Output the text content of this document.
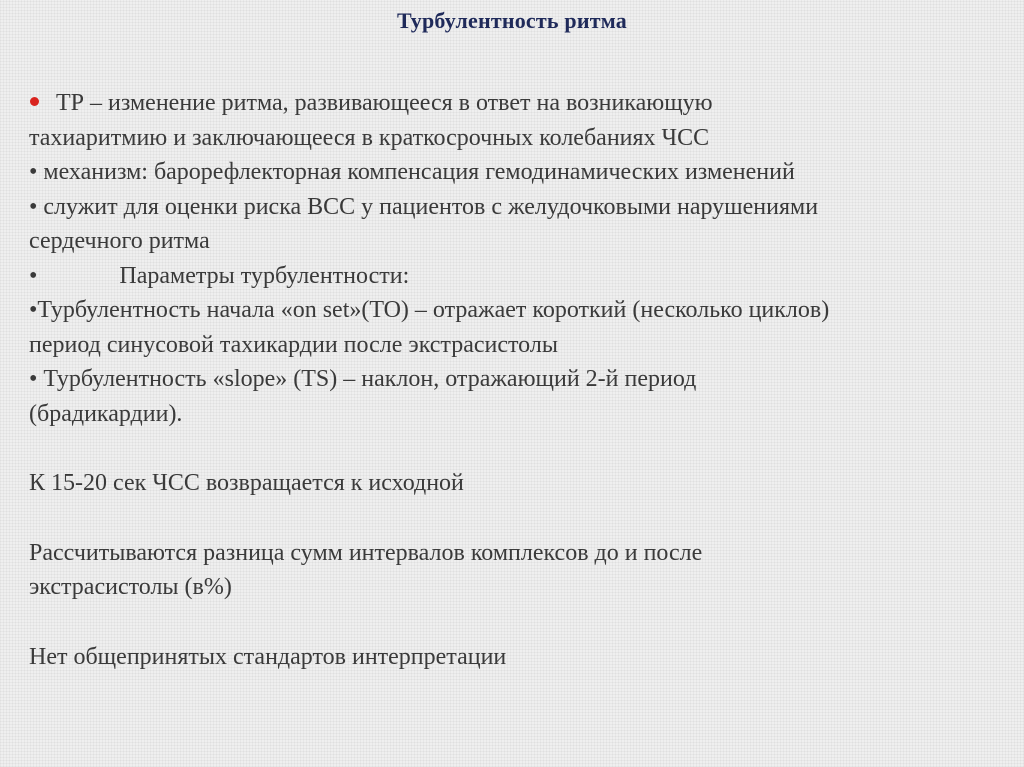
Турбулентность ритма
ТР – изменение ритма, развивающееся в ответ на возникающую
тахиаритмию и заключающееся в краткосрочных колебаниях ЧСС
• механизм: барорефлекторная компенсация гемодинамических изменений
• служит для оценки риска ВСС у пациентов с желудочковыми нарушениями
сердечного ритма
•	Параметры турбулентности:
•Турбулентность начала «on set»(TO) – отражает короткий (несколько циклов)
период синусовой тахикардии после экстрасистолы
• Турбулентность «slope» (TS) – наклон, отражающий 2-й период
(брадикардии).
К 15-20 сек ЧСС возвращается к исходной
Рассчитываются разница сумм интервалов комплексов до и после
экстрасистолы (в%)
Нет общепринятых стандартов интерпретации
